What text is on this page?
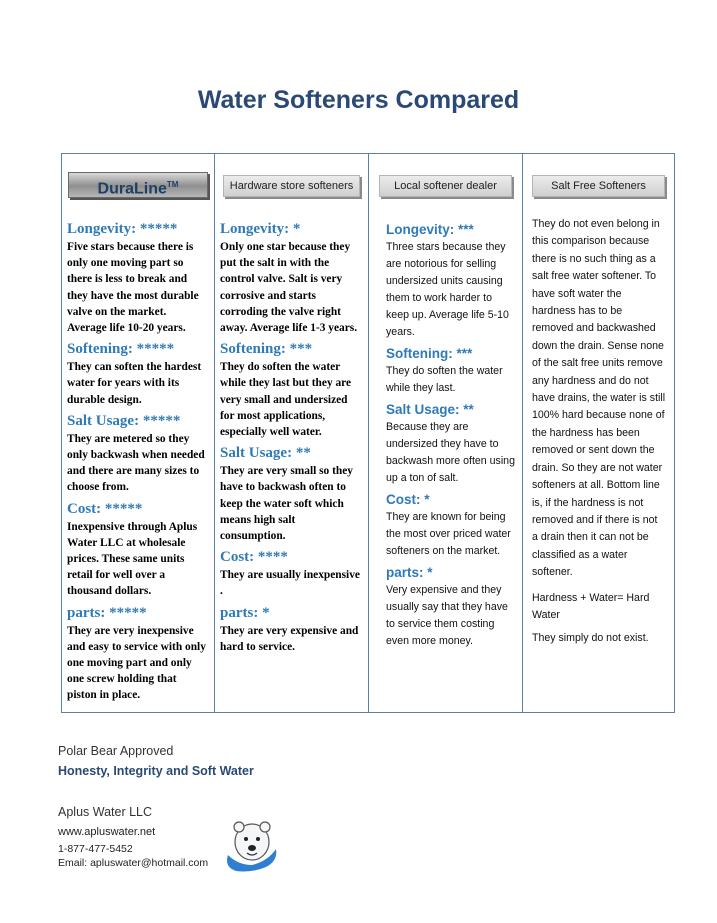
Water Softeners Compared
DuraLine™
Longevity: *****
Five stars because there is only one moving part so there is less to break and they have the most durable valve on the market. Average life 10-20 years.
Softening: *****
They can soften the hardest water for years with its durable design.
Salt Usage: *****
They are metered so they only backwash when needed and there are many sizes to choose from.
Cost: *****
Inexpensive through Aplus Water LLC at wholesale prices. These same units retail for well over a thousand dollars.
parts: *****
They are very inexpensive and easy to service with only one moving part and only one screw holding that piston in place.
Hardware store softeners
Longevity: *
Only one star because they put the salt in with the control valve. Salt is very corrosive and starts corroding the valve right away. Average life 1-3 years.
Softening: ***
They do soften the water while they last but they are very small and undersized for most applications, especially well water.
Salt Usage: **
They are very small so they have to backwash often to keep the water soft which means high salt consumption.
Cost: ****
They are usually inexpensive .
parts: *
They are very expensive and hard to service.
Local softener dealer
Longevity: ***
Three stars because they are notorious for selling undersized units causing them to work harder to keep up. Average life 5-10 years.
Softening: ***
They do soften the water while they last.
Salt Usage: **
Because they are undersized they have to backwash more often using up a ton of salt.
Cost: *
They are known for being the most over priced water softeners on the market.
parts: *
Very expensive and they usually say that they have to service them costing even more money.
Salt Free Softeners
They do not even belong in this comparison because there is no such thing as a salt free water softener. To have soft water the hardness has to be removed and backwashed down the drain. Sense none of the salt free units remove any hardness and do not have drains, the water is still 100% hard because none of the hardness has been removed or sent down the drain. So they are not water softeners at all. Bottom line is, if the hardness is not removed and if there is not a drain then it can not be classified as a water softener.
Hardness + Water= Hard Water
They simply do not exist.
Polar Bear Approved
Honesty, Integrity and Soft Water
Aplus Water LLC
www.apluswater.net
1-877-477-5452
Email: apluswater@hotmail.com
